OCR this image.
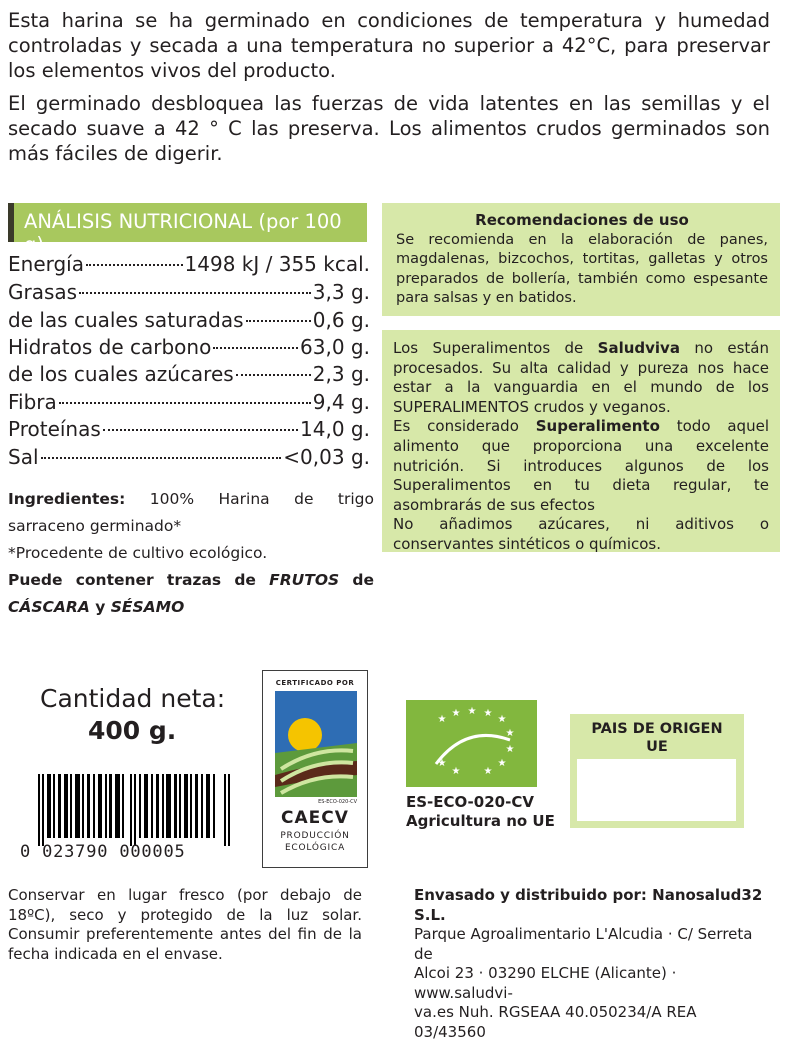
Esta harina se ha germinado en condiciones de temperatura y humedad controladas y secada a una temperatura no superior a 42°C, para preservar los elementos vivos del producto.

El germinado desbloquea las fuerzas de vida latentes en las semillas y el secado suave a 42 ° C las preserva. Los alimentos crudos germinados son más fáciles de digerir.

ANÁLISIS NUTRICIONAL (por 100 g)
Energía	1498 kJ / 355 kcal.
Grasas	3,3 g.
de las cuales saturadas	0,6 g.
Hidratos de carbono	63,0 g.
de los cuales azúcares	2,3 g.
Fibra	9,4 g.
Proteínas	14,0 g.
Sal	<0,03 g.
Recomendaciones de uso
Se recomienda en la elaboración de panes, magdalenas, bizcochos, tortitas, galletas y otros preparados de bollería, también como espesante para salsas y en batidos.

Los Superalimentos de Saludviva no están procesados. Su alta calidad y pureza nos hace estar a la vanguardia en el mundo de los SUPERALIMENTOS crudos y veganos.

Es considerado Superalimento todo aquel alimento que proporciona una excelente nutrición. Si introduces algunos de los Superalimentos en tu dieta regular, te asombrarás de sus efectos

No añadimos azúcares, ni aditivos o conservantes sintéticos o químicos.

Ingredientes: 100% Harina de trigo sarraceno germinado*

*Procedente de cultivo ecológico.

Puede contener trazas de FRUTOS de CÁSCARA y SÉSAMO

Cantidad neta:
400 g.
0 023790 000005
CERTIFICADO POR
ES-ECO-020-CV
CAECV
PRODUCCIÓN
ECOLÓGICA
★
★ ★ ★
★
★
★
★
★
★
★
ES-ECO-020-CV
Agricultura no UE
PAIS DE ORIGEN
UE
Conservar en lugar fresco (por debajo de 18ºC), seco y protegido de la luz solar. Consumir preferentemente antes del fin de la fecha indicada en el envase.
Envasado y distribuido por: Nanosalud32 S.L.
Parque Agroalimentario L'Alcudia · C/ Serreta de
Alcoi 23 · 03290 ELCHE (Alicante) · www.saludvi-
va.es Nuh. RGSEAA 40.050234/A REA 03/43560
